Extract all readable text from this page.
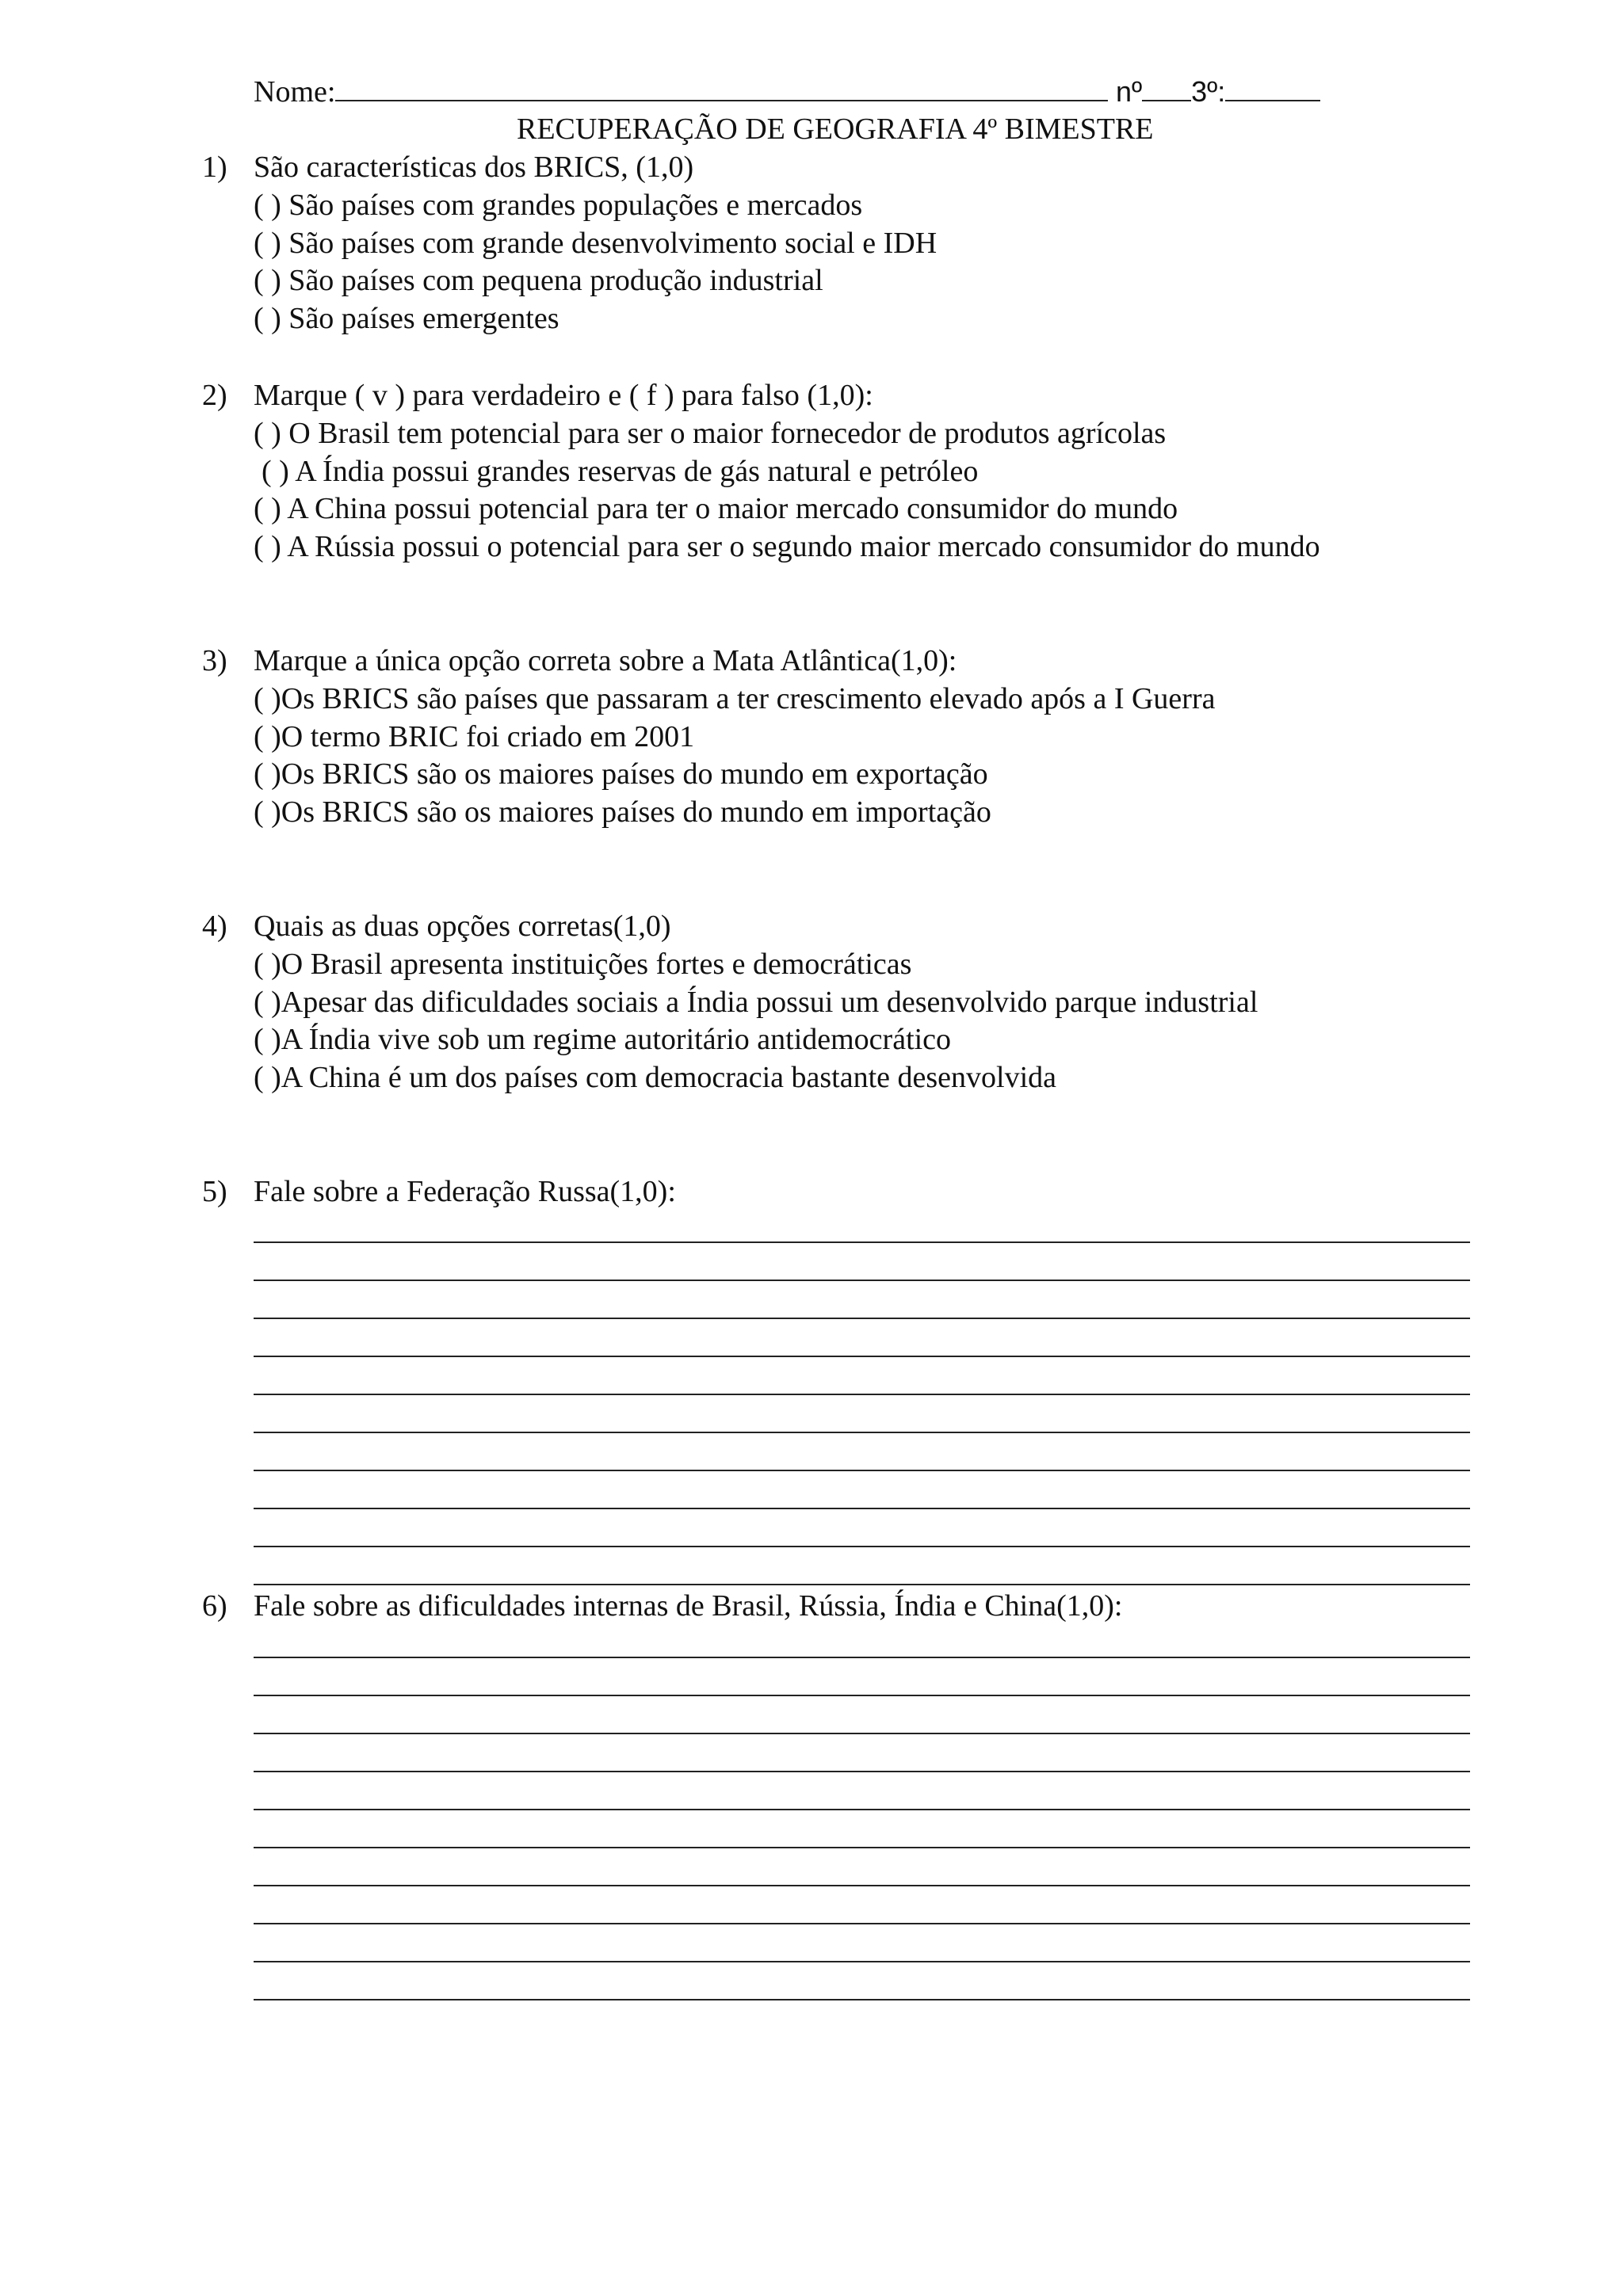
Nome:	nº 3º:
RECUPERAÇÃO DE GEOGRAFIA 4º BIMESTRE
1) São características dos BRICS, (1,0)
( ) São países com grandes populações e mercados
( ) São países com grande desenvolvimento social e IDH
( ) São países com pequena produção industrial
( ) São países emergentes
2) Marque ( v ) para verdadeiro e ( f ) para falso (1,0):
( ) O Brasil tem potencial para ser o maior fornecedor de produtos agrícolas
( ) A Índia possui grandes reservas de gás natural e petróleo
( ) A China possui potencial para ter o maior mercado consumidor do mundo
( ) A Rússia possui o potencial para ser o segundo maior mercado consumidor do mundo
3) Marque a única opção correta sobre a Mata Atlântica(1,0):
( )Os BRICS são países que passaram a ter crescimento elevado após a I Guerra
( )O termo BRIC foi criado em 2001
( )Os BRICS são os maiores países do mundo em exportação
( )Os BRICS são os maiores países do mundo em importação
4) Quais as duas opções corretas(1,0)
( )O Brasil apresenta instituições fortes e democráticas
( )Apesar das dificuldades sociais a Índia possui um desenvolvido parque industrial
( )A Índia vive sob um regime autoritário antidemocrático
( )A China é um dos países com democracia bastante desenvolvida
5) Fale sobre a Federação Russa(1,0):
6) Fale sobre as dificuldades internas de Brasil, Rússia, Índia e China(1,0):
